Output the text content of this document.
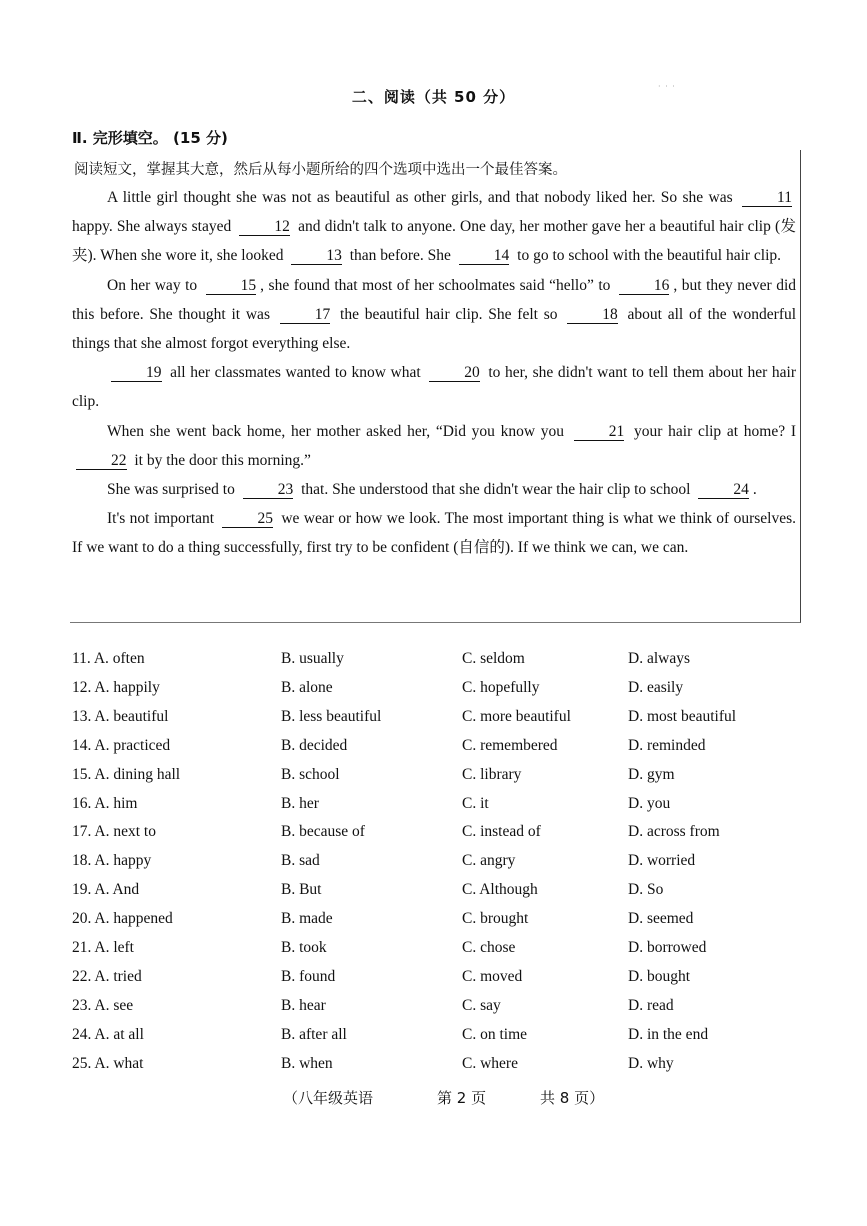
· · ·
二、阅读（共 50 分）
Ⅱ. 完形填空。 (15 分)
阅读短文，掌握其大意，然后从每小题所给的四个选项中选出一个最佳答案。

A little girl thought she was not as beautiful as other girls, and that nobody liked her. So she was	11 happy. She always stayed	12 and didn't talk to anyone. One day, her mother gave her a beautiful hair clip (发夹). When she wore it, she looked	13 than before. She	14 to go to school with the beautiful hair clip.

On her way to	15 , she found that most of her schoolmates said “hello” to	16 , but they never did this before. She thought it was	17 the beautiful hair clip. She felt so	18 about all of the wonderful things that she almost forgot everything else.

19 all her classmates wanted to know what	20 to her, she didn't want to tell them about her hair clip.

When she went back home, her mother asked her, “Did you know you	21 your hair clip at home? I 22 it by the door this morning.”

She was surprised to	23 that. She understood that she didn't wear the hair clip to school	24 .

It's not important	25 we wear or how we look. The most important thing is what we think of ourselves. If we want to do a thing successfully, first try to be confident (自信的). If we think we can, we can.

11. A. often	B. usually	C. seldom	D. always
12. A. happily	B. alone	C. hopefully	D. easily
13. A. beautiful	B. less beautiful	C. more beautiful	D. most beautiful
14. A. practiced	B. decided	C. remembered	D. reminded
15. A. dining hall	B. school	C. library	D. gym
16. A. him	B. her	C. it	D. you
17. A. next to	B. because of	C. instead of	D. across from
18. A. happy	B. sad	C. angry	D. worried
19. A. And	B. But	C. Although	D. So
20. A. happened	B. made	C. brought	D. seemed
21. A. left	B. took	C. chose	D. borrowed
22. A. tried	B. found	C. moved	D. bought
23. A. see	B. hear	C. say	D. read
24. A. at all	B. after all	C. on time	D. in the end
25. A. what	B. when	C. where	D. why
（八年级英语	第 2 页	共 8 页）
